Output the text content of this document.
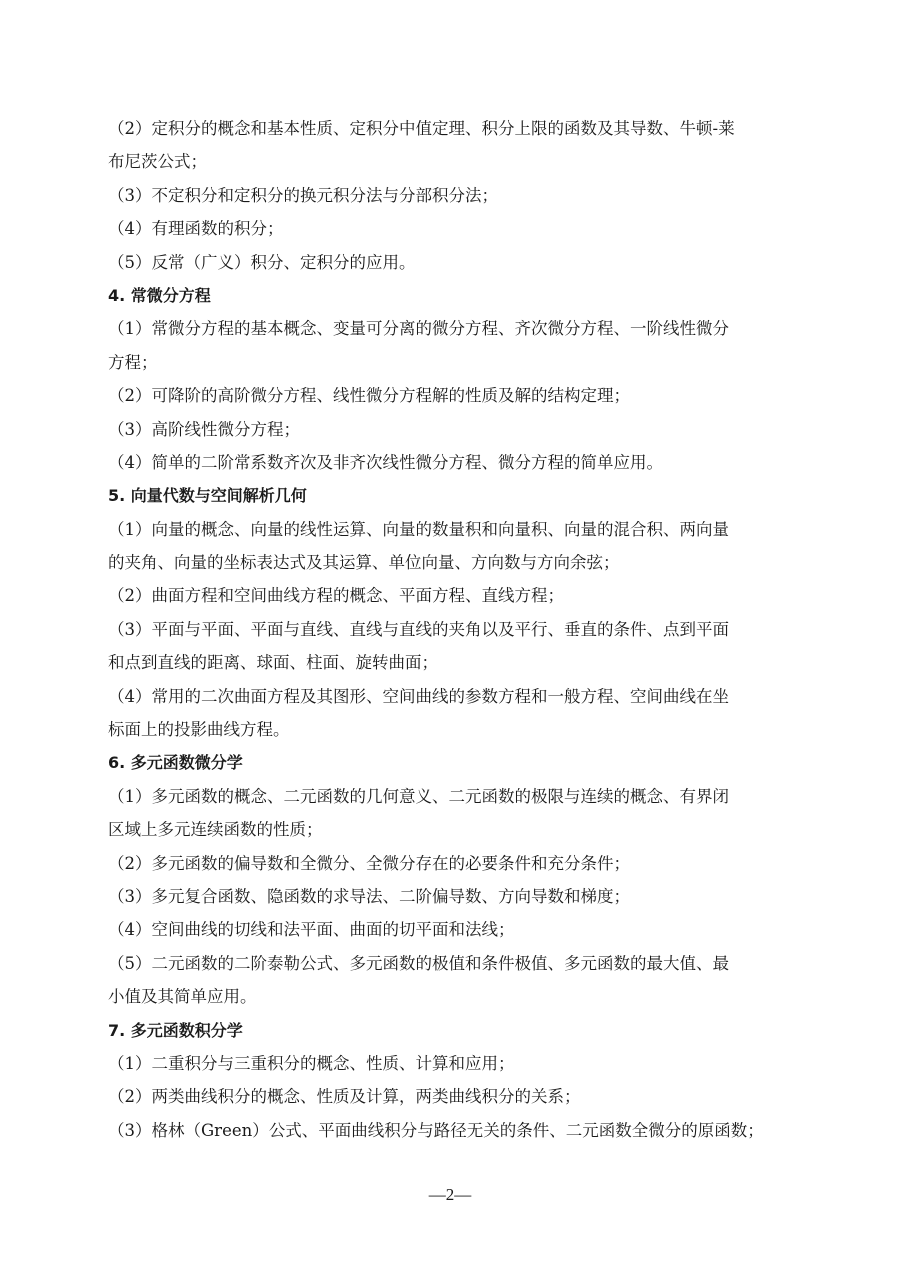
（2）定积分的概念和基本性质、定积分中值定理、积分上限的函数及其导数、牛顿-莱
布尼茨公式；
（3）不定积分和定积分的换元积分法与分部积分法；
（4）有理函数的积分；
（5）反常（广义）积分、定积分的应用。
4. 常微分方程
（1）常微分方程的基本概念、变量可分离的微分方程、齐次微分方程、一阶线性微分
方程；
（2）可降阶的高阶微分方程、线性微分方程解的性质及解的结构定理；
（3）高阶线性微分方程；
（4）简单的二阶常系数齐次及非齐次线性微分方程、微分方程的简单应用。
5. 向量代数与空间解析几何
（1）向量的概念、向量的线性运算、向量的数量积和向量积、向量的混合积、两向量
的夹角、向量的坐标表达式及其运算、单位向量、方向数与方向余弦；
（2）曲面方程和空间曲线方程的概念、平面方程、直线方程；
（3）平面与平面、平面与直线、直线与直线的夹角以及平行、垂直的条件、点到平面
和点到直线的距离、球面、柱面、旋转曲面；
（4）常用的二次曲面方程及其图形、空间曲线的参数方程和一般方程、空间曲线在坐
标面上的投影曲线方程。
6. 多元函数微分学
（1）多元函数的概念、二元函数的几何意义、二元函数的极限与连续的概念、有界闭
区域上多元连续函数的性质；
（2）多元函数的偏导数和全微分、全微分存在的必要条件和充分条件；
（3）多元复合函数、隐函数的求导法、二阶偏导数、方向导数和梯度；
（4）空间曲线的切线和法平面、曲面的切平面和法线；
（5）二元函数的二阶泰勒公式、多元函数的极值和条件极值、多元函数的最大值、最
小值及其简单应用。
7. 多元函数积分学
（1）二重积分与三重积分的概念、性质、计算和应用；
（2）两类曲线积分的概念、性质及计算，两类曲线积分的关系；
（3）格林（Green）公式、平面曲线积分与路径无关的条件、二元函数全微分的原函数；
—2—
